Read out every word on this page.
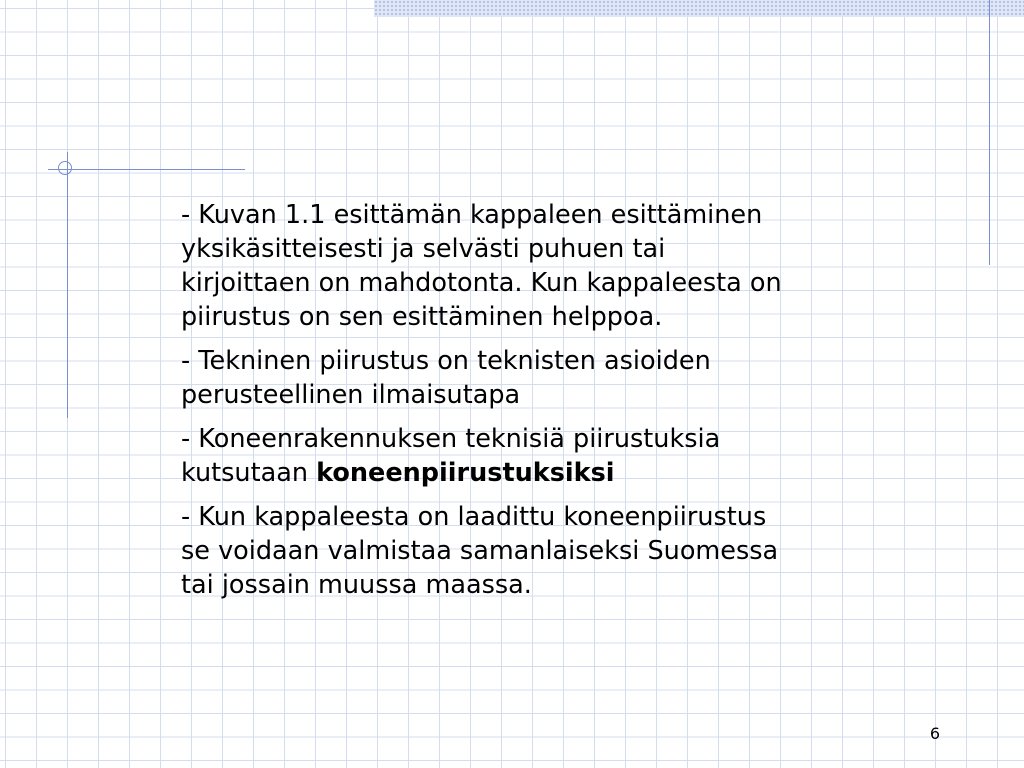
- Kuvan 1.1 esittämän kappaleen esittäminen
yksikäsitteisesti ja selvästi puhuen tai
kirjoittaen on mahdotonta. Kun kappaleesta on
piirustus on sen esittäminen helppoa.

- Tekninen piirustus on teknisten asioiden
perusteellinen ilmaisutapa

- Koneenrakennuksen teknisiä piirustuksia
kutsutaan koneenpiirustuksiksi

- Kun kappaleesta on laadittu koneenpiirustus
se voidaan valmistaa samanlaiseksi Suomessa
tai jossain muussa maassa.

6
